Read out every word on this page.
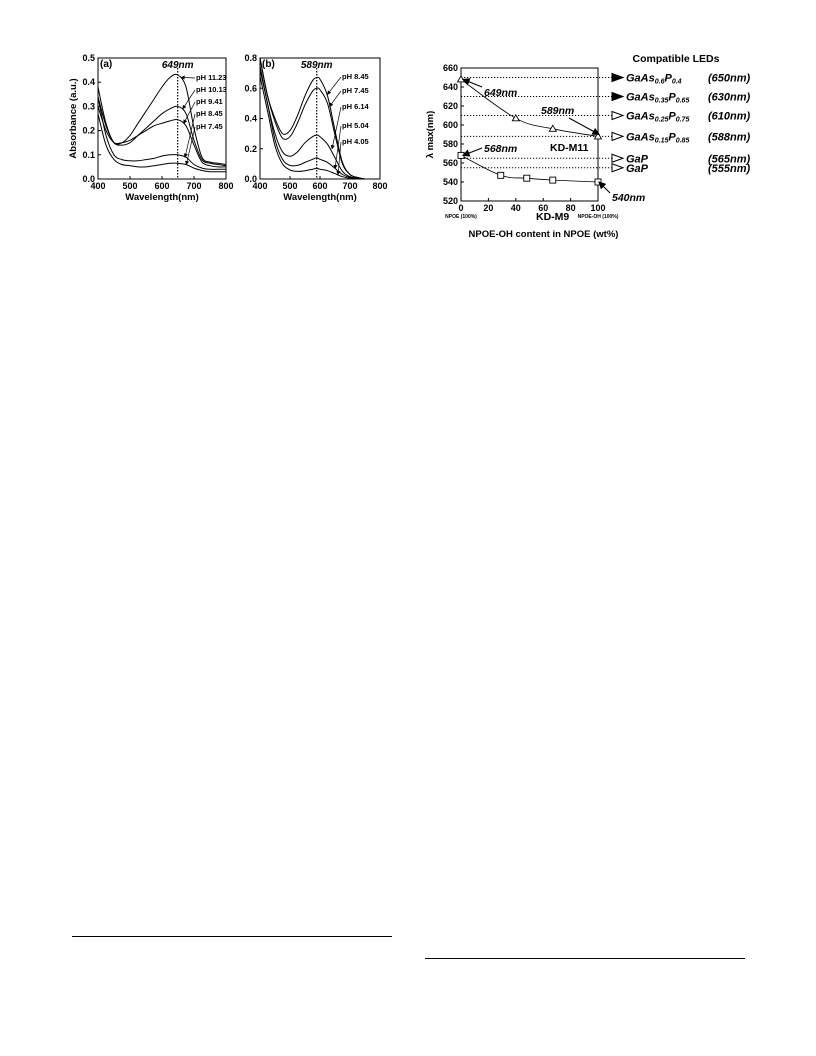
400 500 600 700 800
0.0
0.1
0.2
0.3
0.4
0.5
Wavelength(nm)
Absorbance (a.u.)
649nm
(a)
pH 11.23
pH 10.13
pH 9.41
pH 8.45
pH 7.45
400 500 600 700 800
0.0
0.2
0.4
0.6
0.8
Wavelength(nm)
589nm
(b)
pH 8.45
pH 7.45
pH 6.14
pH 5.04
pH 4.05
520
540
560
580
600
620
640
660
0 20 40 60 80 100
NPOE (100%)	NPOE-OH (100%)
NPOE-OH content in NPOE (wt%)
λ max(nm)
Compatible LEDs
GaAs0.6P0.4 (650nm)
GaAs0.35P0.65 (630nm)
GaAs0.25P0.75 (610nm)
GaAs0.15P0.85 (588nm)
GaP	(565nm)
GaP	(555nm)
KD-M11
KD-M9
649nm
589nm
568nm
540nm
